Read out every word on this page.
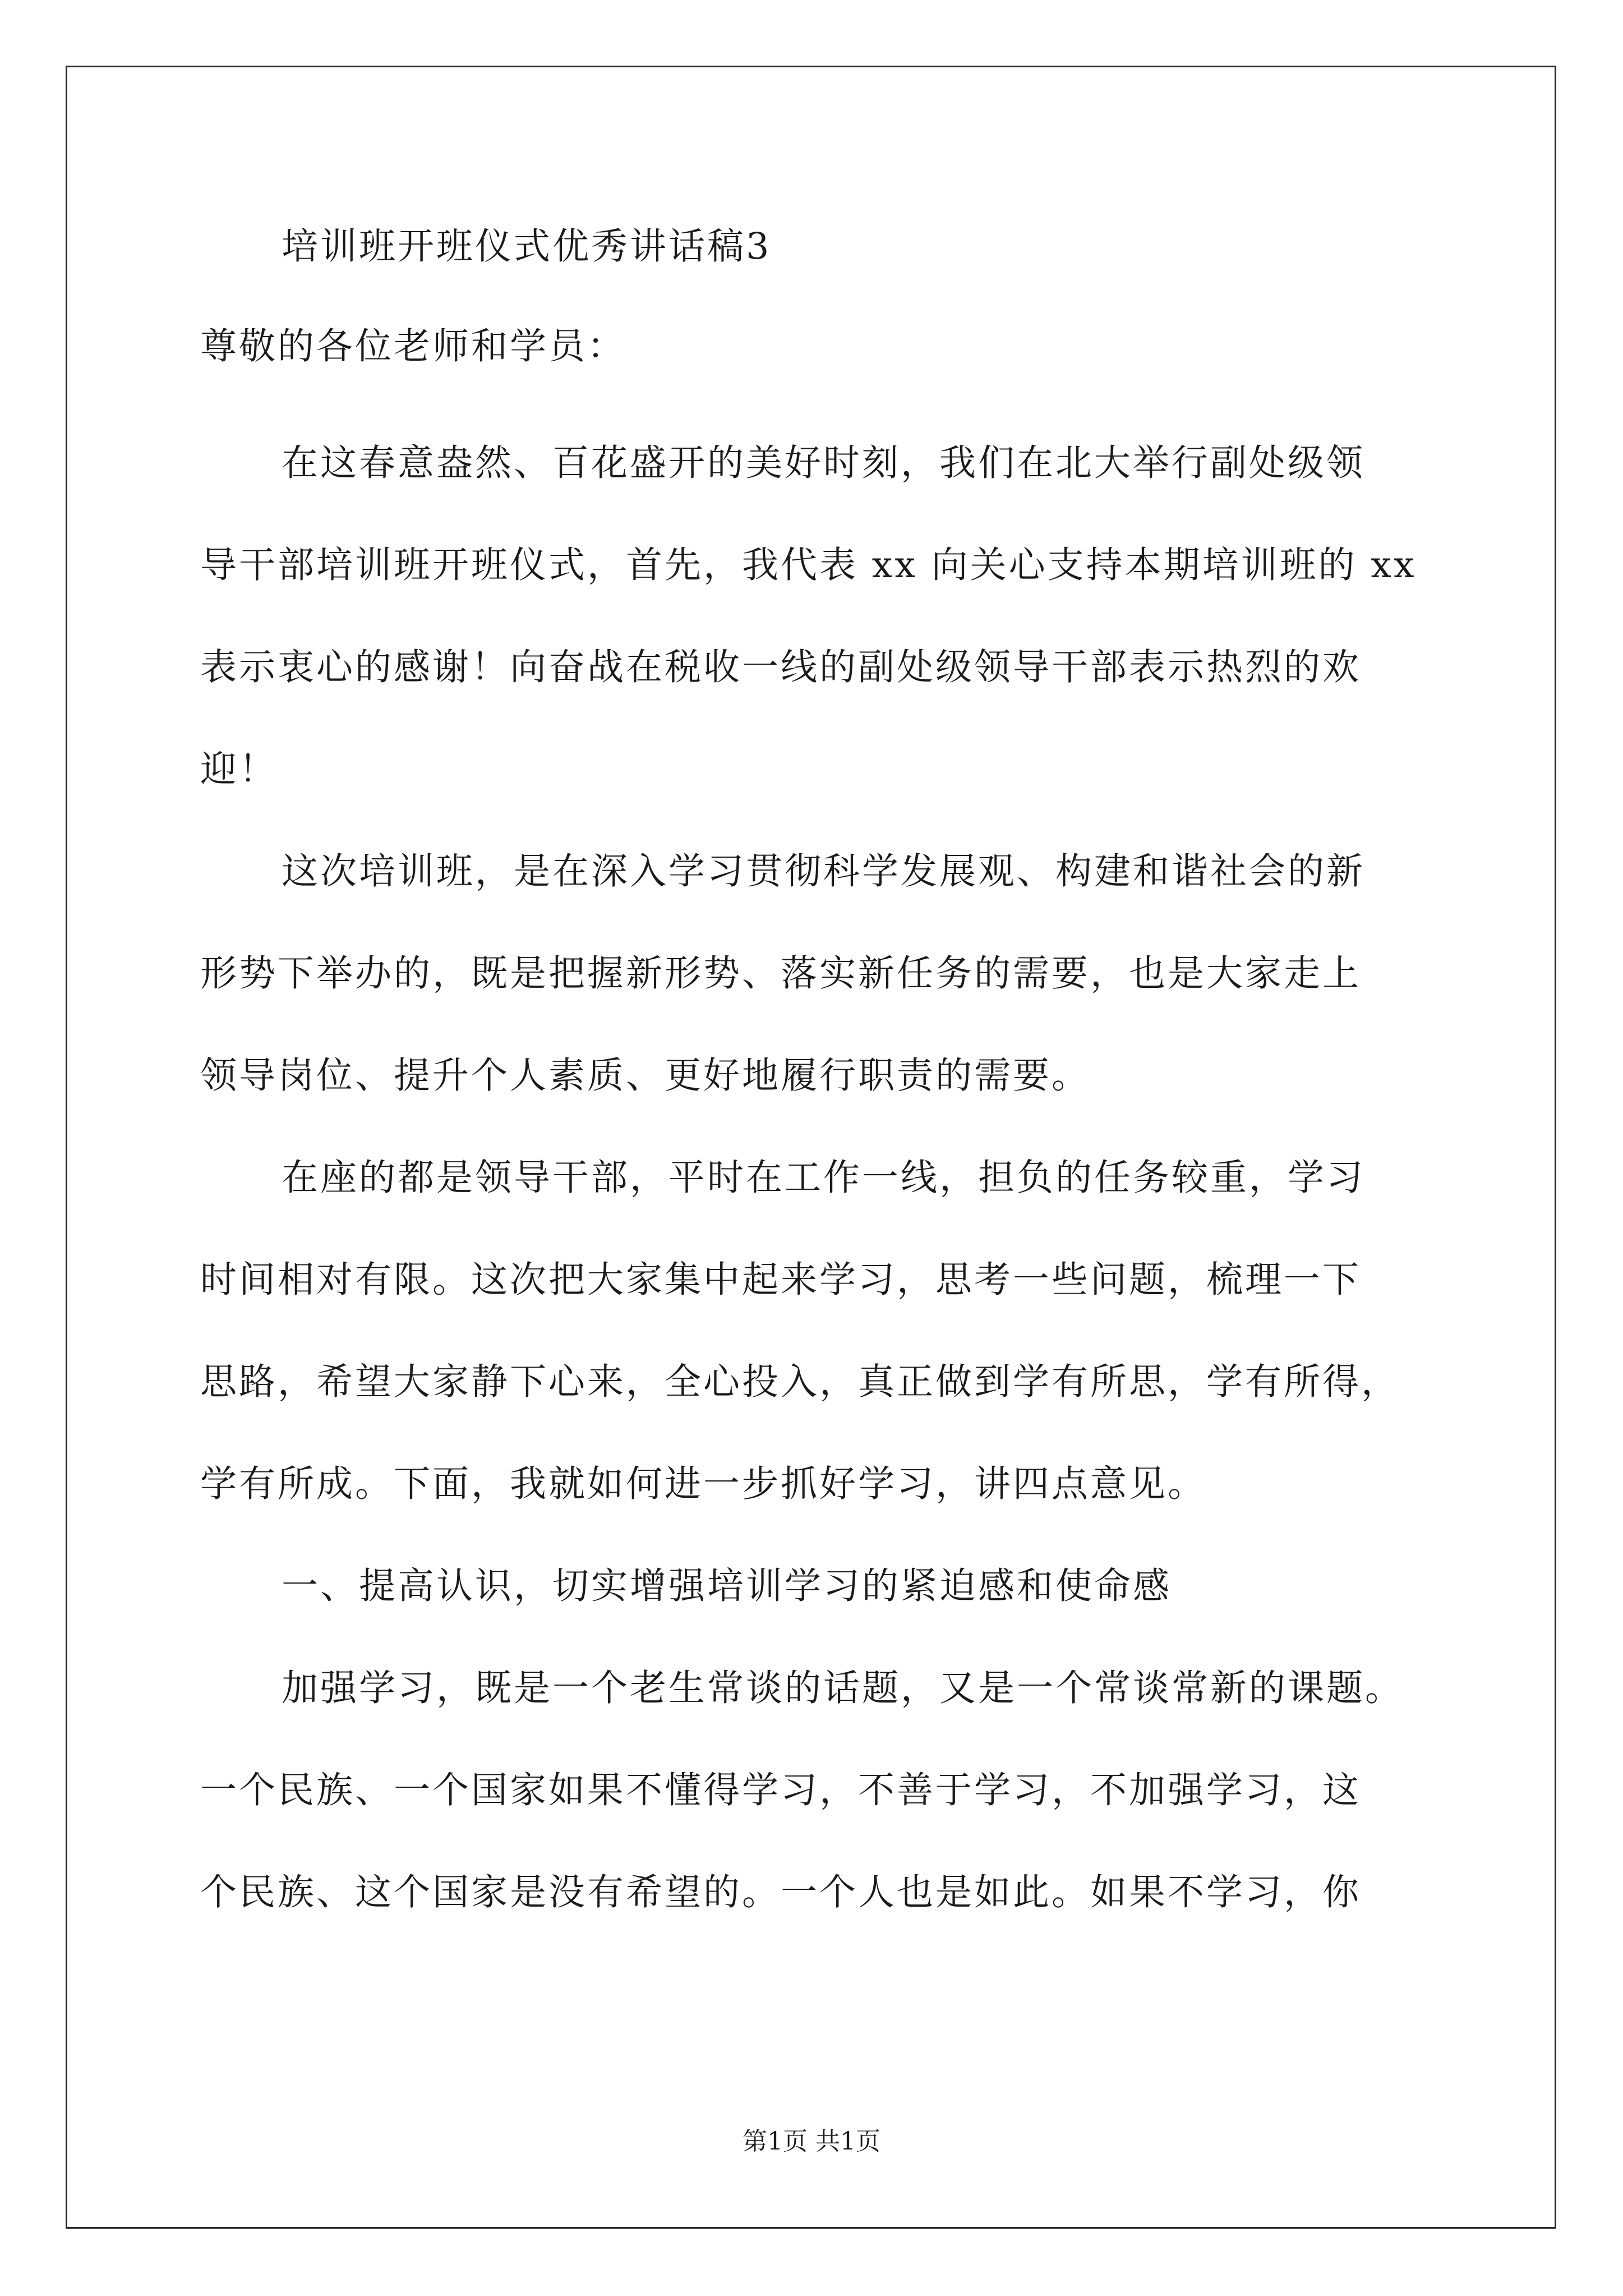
培训班开班仪式优秀讲话稿3
尊敬的各位老师和学员：
在这春意盎然、百花盛开的美好时刻，我们在北大举行副处级领
导干部培训班开班仪式，首先，我代表 xx 向关心支持本期培训班的 xx
表示衷心的感谢！向奋战在税收一线的副处级领导干部表示热烈的欢
迎！
这次培训班，是在深入学习贯彻科学发展观、构建和谐社会的新
形势下举办的，既是把握新形势、落实新任务的需要，也是大家走上
领导岗位、提升个人素质、更好地履行职责的需要。
在座的都是领导干部，平时在工作一线，担负的任务较重，学习
时间相对有限。这次把大家集中起来学习，思考一些问题，梳理一下
思路，希望大家静下心来，全心投入，真正做到学有所思，学有所得，
学有所成。下面，我就如何进一步抓好学习，讲四点意见。
一、提高认识，切实增强培训学习的紧迫感和使命感
加强学习，既是一个老生常谈的话题，又是一个常谈常新的课题。
一个民族、一个国家如果不懂得学习，不善于学习，不加强学习，这
个民族、这个国家是没有希望的。一个人也是如此。如果不学习，你
第1页 共1页
